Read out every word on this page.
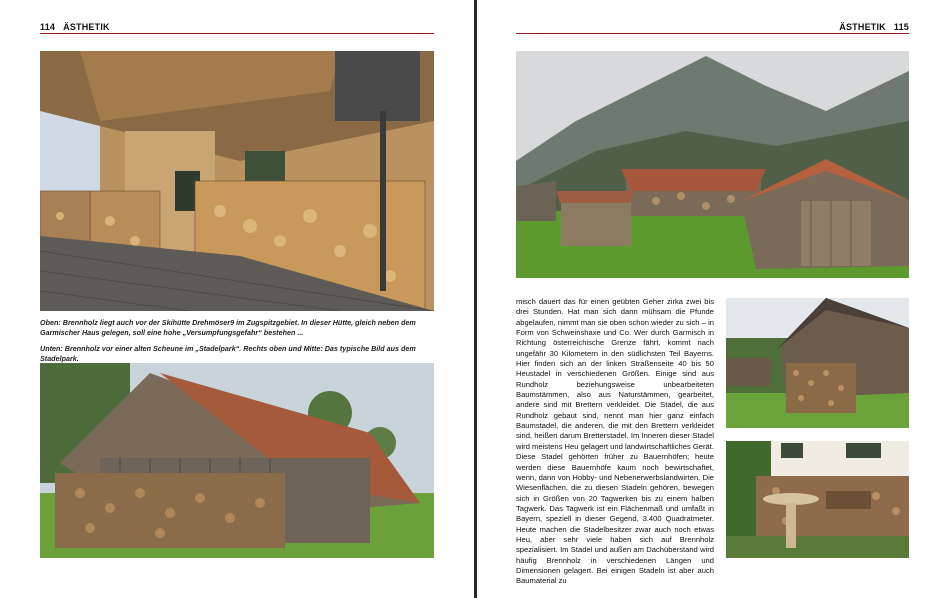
114 ÄSTHETIK
Oben: Brennholz liegt auch vor der Skihütte Drehmöser9 im Zugspitzgebiet. In dieser Hütte, gleich neben dem Garmischer Haus gelegen, soll eine hohe „Versumpfungsgefahr“ bestehen ...
Unten: Brennholz vor einer alten Scheune im „Stadelpark“. Rechts oben und Mitte: Das typische Bild aus dem Stadelpark.
ÄSTHETIK 115
misch dauert das für einen geübten Geher zirka zwei bis drei Stunden. Hat man sich dann mühsam die Pfunde abgelaufen, nimmt man sie oben schon wieder zu sich – in Form von Schweinshaxe und Co. Wer durch Garmisch in Richtung österreichische Grenze fährt, kommt nach ungefähr 30 Kilometern in den südlichsten Teil Bayerns. Hier finden sich an der linken Straßenseite 40 bis 50 Heustadel in verschiedenen Größen. Einige sind aus Rundholz beziehungsweise unbearbeiteten Baumstämmen, also aus Naturstämmen, gearbeitet, andere sind mit Brettern verkleidet. Die Stadel, die aus Rundholz gebaut sind, nennt man hier ganz einfach Baumstadel, die anderen, die mit den Brettern verkleidet sind, heißen darum Bretterstadel. Im Inneren dieser Stadel wird meistens Heu gelagert und landwirtschaftliches Gerät. Diese Stadel gehörten früher zu Bauernhöfen; heute werden diese Bauernhöfe kaum noch bewirtschaftet, wenn, dann von Hobby- und Nebenerwerbslandwirten. Die Wiesenflächen, die zu diesen Stadeln gehören, bewegen sich in Größen von 20 Tagwerken bis zu einem halben Tagwerk. Das Tagwerk ist ein Flächenmaß und umfaßt in Bayern, speziell in dieser Gegend, 3.400 Quadratmeter. Heute machen die Stadelbesitzer zwar auch noch etwas Heu, aber sehr viele haben sich auf Brennholz spezialisiert. Im Stadel und außen am Dachüberstand wird häufig Brennholz in verschiedenen Längen und Dimensionen gelagert. Bei einigen Stadeln ist aber auch Baumaterial zu
